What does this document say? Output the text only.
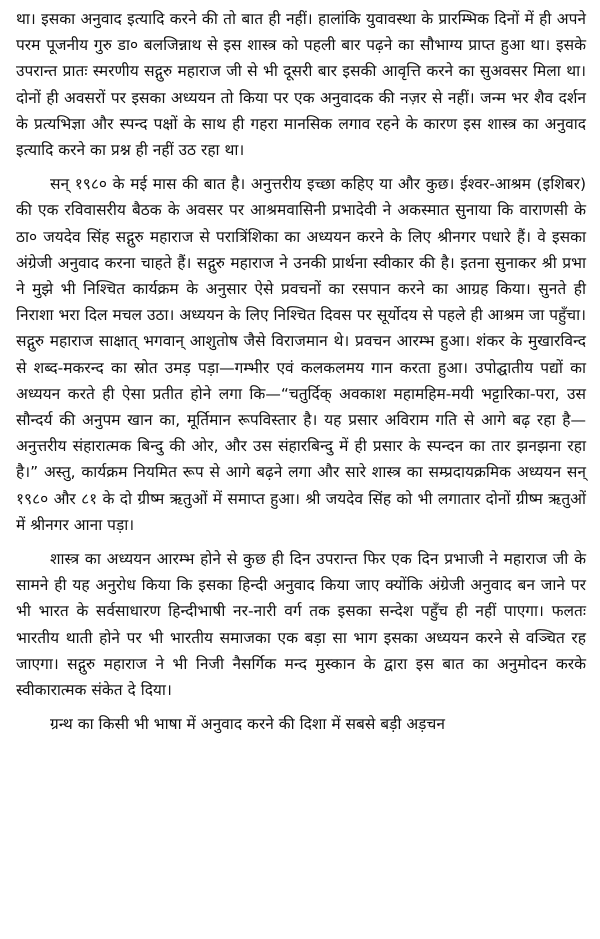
था। इसका अनुवाद इत्यादि करने की तो बात ही नहीं। हालांकि युवावस्था के प्रारम्भिक दिनों में ही अपने परम पूजनीय गुरु डा० बलजिन्नाथ से इस शास्त्र को पहली बार पढ़ने का सौभाग्य प्राप्त हुआ था। इसके उपरान्त प्रातः स्मरणीय सद्गुरु महाराज जी से भी दूसरी बार इसकी आवृत्ति करने का सुअवसर मिला था। दोनों ही अवसरों पर इसका अध्ययन तो किया पर एक अनुवादक की नज़र से नहीं। जन्म भर शैव दर्शन के प्रत्यभिज्ञा और स्पन्द पक्षों के साथ ही गहरा मानसिक लगाव रहने के कारण इस शास्त्र का अनुवाद इत्यादि करने का प्रश्न ही नहीं उठ रहा था।

सन् १९८० के मई मास की बात है। अनुत्तरीय इच्छा कहिए या और कुछ। ईश्वर-आश्रम (इशिबर) की एक रविवासरीय बैठक के अवसर पर आश्रमवासिनी प्रभादेवी ने अकस्मात सुनाया कि वाराणसी के ठा० जयदेव सिंह सद्गुरु महाराज से परात्रिंशिका का अध्ययन करने के लिए श्रीनगर पधारे हैं। वे इसका अंग्रेजी अनुवाद करना चाहते हैं। सद्गुरु महाराज ने उनकी प्रार्थना स्वीकार की है। इतना सुनाकर श्री प्रभा ने मुझे भी निश्चित कार्यक्रम के अनुसार ऐसे प्रवचनों का रसपान करने का आग्रह किया। सुनते ही निराशा भरा दिल मचल उठा। अध्ययन के लिए निश्चित दिवस पर सूर्योदय से पहले ही आश्रम जा पहुँचा। सद्गुरु महाराज साक्षात् भगवान् आशुतोष जैसे विराजमान थे। प्रवचन आरम्भ हुआ। शंकर के मुखारविन्द से शब्द-मकरन्द का स्रोत उमड़ पड़ा—गम्भीर एवं कलकलमय गान करता हुआ। उपोद्घातीय पद्यों का अध्ययन करते ही ऐसा प्रतीत होने लगा कि—“चतुर्दिक् अवकाश महामहिम-मयी भट्टारिका-परा, उस सौन्दर्य की अनुपम खान का, मूर्तिमान रूपविस्तार है। यह प्रसार अविराम गति से आगे बढ़ रहा है—अनुत्तरीय संहारात्मक बिन्दु की ओर, और उस संहारबिन्दु में ही प्रसार के स्पन्दन का तार झनझना रहा है।” अस्तु, कार्यक्रम नियमित रूप से आगे बढ़ने लगा और सारे शास्त्र का सम्प्रदायक्रमिक अध्ययन सन् १९८० और ८१ के दो ग्रीष्म ऋतुओं में समाप्त हुआ। श्री जयदेव सिंह को भी लगातार दोनों ग्रीष्म ऋतुओं में श्रीनगर आना पड़ा।

शास्त्र का अध्ययन आरम्भ होने से कुछ ही दिन उपरान्त फिर एक दिन प्रभाजी ने महाराज जी के सामने ही यह अनुरोध किया कि इसका हिन्दी अनुवाद किया जाए क्योंकि अंग्रेजी अनुवाद बन जाने पर भी भारत के सर्वसाधारण हिन्दीभाषी नर-नारी वर्ग तक इसका सन्देश पहुँच ही नहीं पाएगा। फलतः भारतीय थाती होने पर भी भारतीय समाजका एक बड़ा सा भाग इसका अध्ययन करने से वञ्चित रह जाएगा। सद्गुरु महाराज ने भी निजी नैसर्गिक मन्द मुस्कान के द्वारा इस बात का अनुमोदन करके स्वीकारात्मक संकेत दे दिया।

ग्रन्थ का किसी भी भाषा में अनुवाद करने की दिशा में सबसे बड़ी अड़चन
